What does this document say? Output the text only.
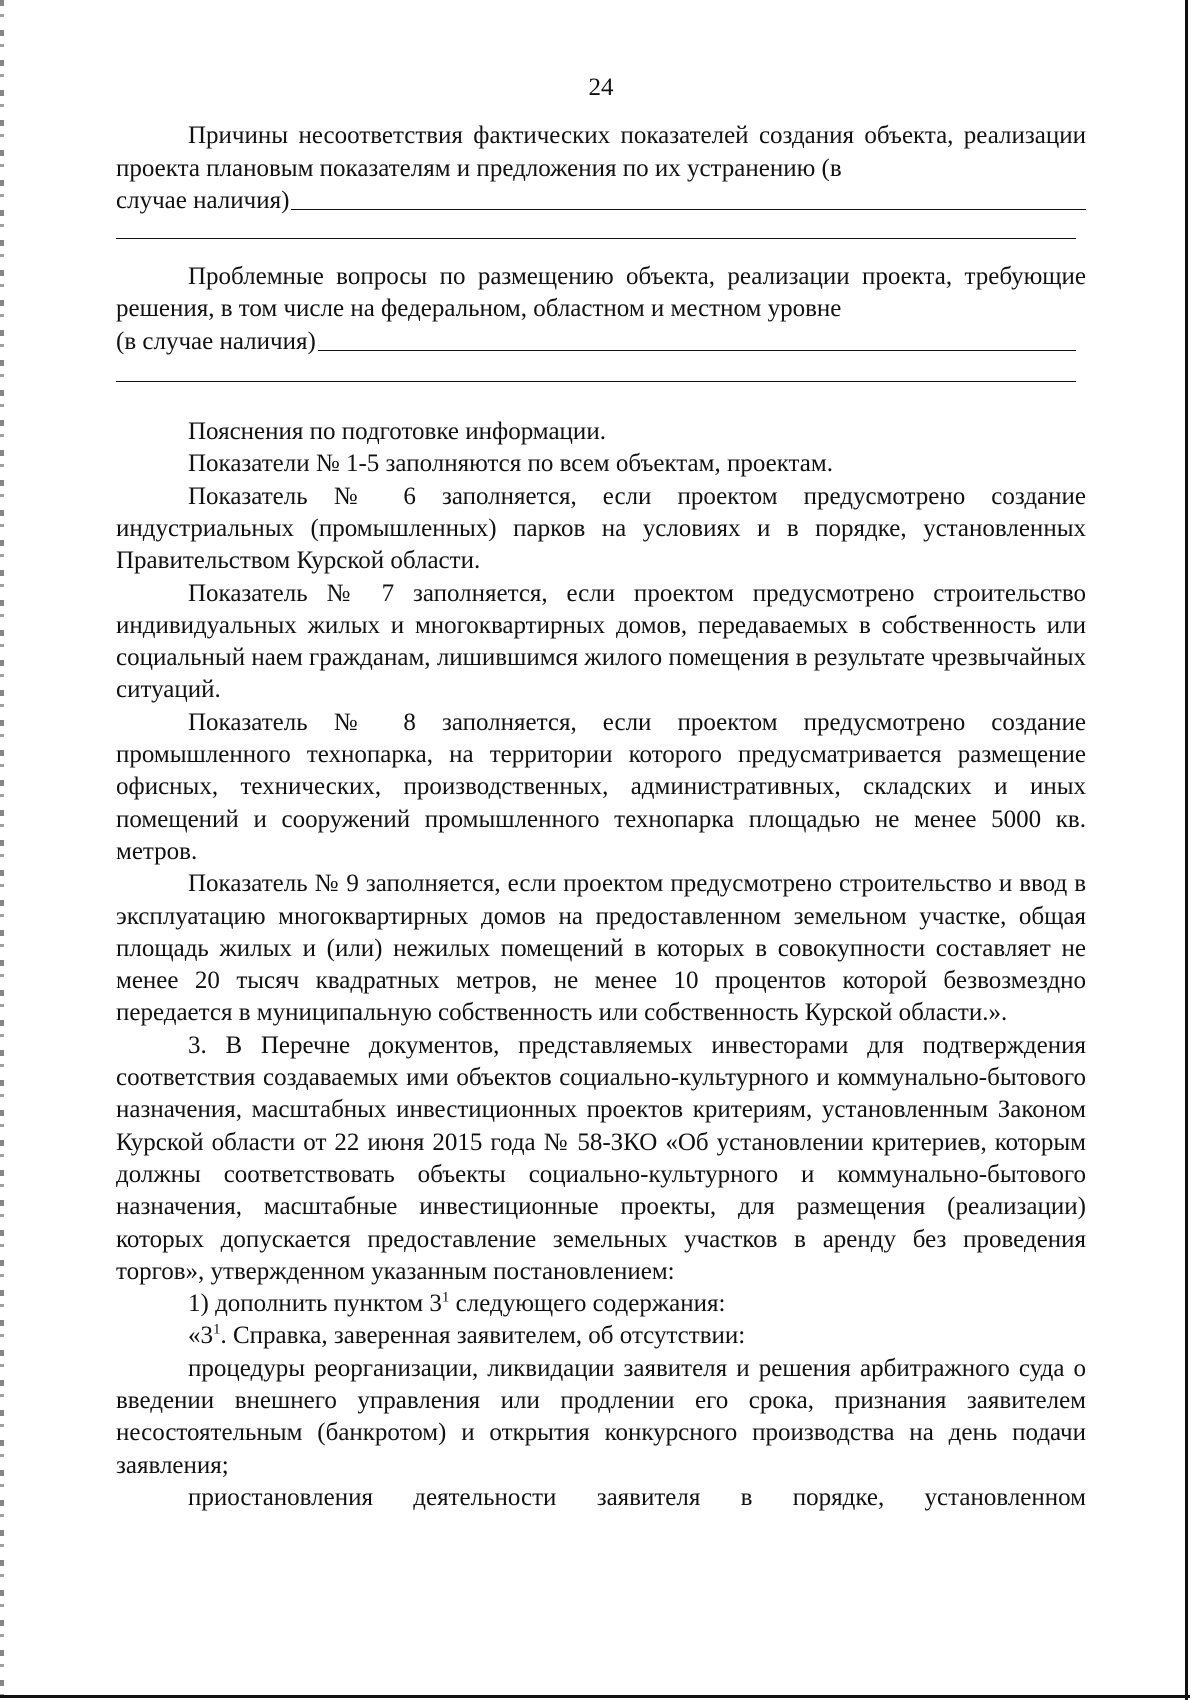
24

Причины несоответствия фактических показателей создания объекта, реализации проекта плановым показателям и предложения по их устранению (в

случае наличия)

Проблемные вопросы по размещению объекта, реализации проекта, требующие решения, в том числе на федеральном, областном и местном уровне

(в случае наличия)

Пояснения по подготовке информации.

Показатели № 1-5 заполняются по всем объектам, проектам.

Показатель № 6 заполняется, если проектом предусмотрено создание индустриальных (промышленных) парков на условиях и в порядке, установленных Правительством Курской области.

Показатель № 7 заполняется, если проектом предусмотрено строительство индивидуальных жилых и многоквартирных домов, передаваемых в собственность или социальный наем гражданам, лишившимся жилого помещения в результате чрезвычайных ситуаций.

Показатель № 8 заполняется, если проектом предусмотрено создание промышленного технопарка, на территории которого предусматривается размещение офисных, технических, производственных, административных, складских и иных помещений и сооружений промышленного технопарка площадью не менее 5000 кв. метров.

Показатель № 9 заполняется, если проектом предусмотрено строительство и ввод в эксплуатацию многоквартирных домов на предоставленном земельном участке, общая площадь жилых и (или) нежилых помещений в которых в совокупности составляет не менее 20 тысяч квадратных метров, не менее 10 процентов которой безвозмездно передается в муниципальную собственность или собственность Курской области.».

3. В Перечне документов, представляемых инвесторами для подтверждения соответствия создаваемых ими объектов социально-культурного и коммунально-бытового назначения, масштабных инвестиционных проектов критериям, установленным Законом Курской области от 22 июня 2015 года № 58-ЗКО «Об установлении критериев, которым должны соответствовать объекты социально-культурного и коммунально-бытового назначения, масштабные инвестиционные проекты, для размещения (реализации) которых допускается предоставление земельных участков в аренду без проведения торгов», утвержденном указанным постановлением:

1) дополнить пунктом $3^1$ следующего содержания:

«$3^1$. Справка, заверенная заявителем, об отсутствии:

процедуры реорганизации, ликвидации заявителя и решения арбитражного суда о введении внешнего управления или продлении его срока, признания заявителем несостоятельным (банкротом) и открытия конкурсного производства на день подачи заявления;

приостановления деятельности заявителя в порядке, установленном
